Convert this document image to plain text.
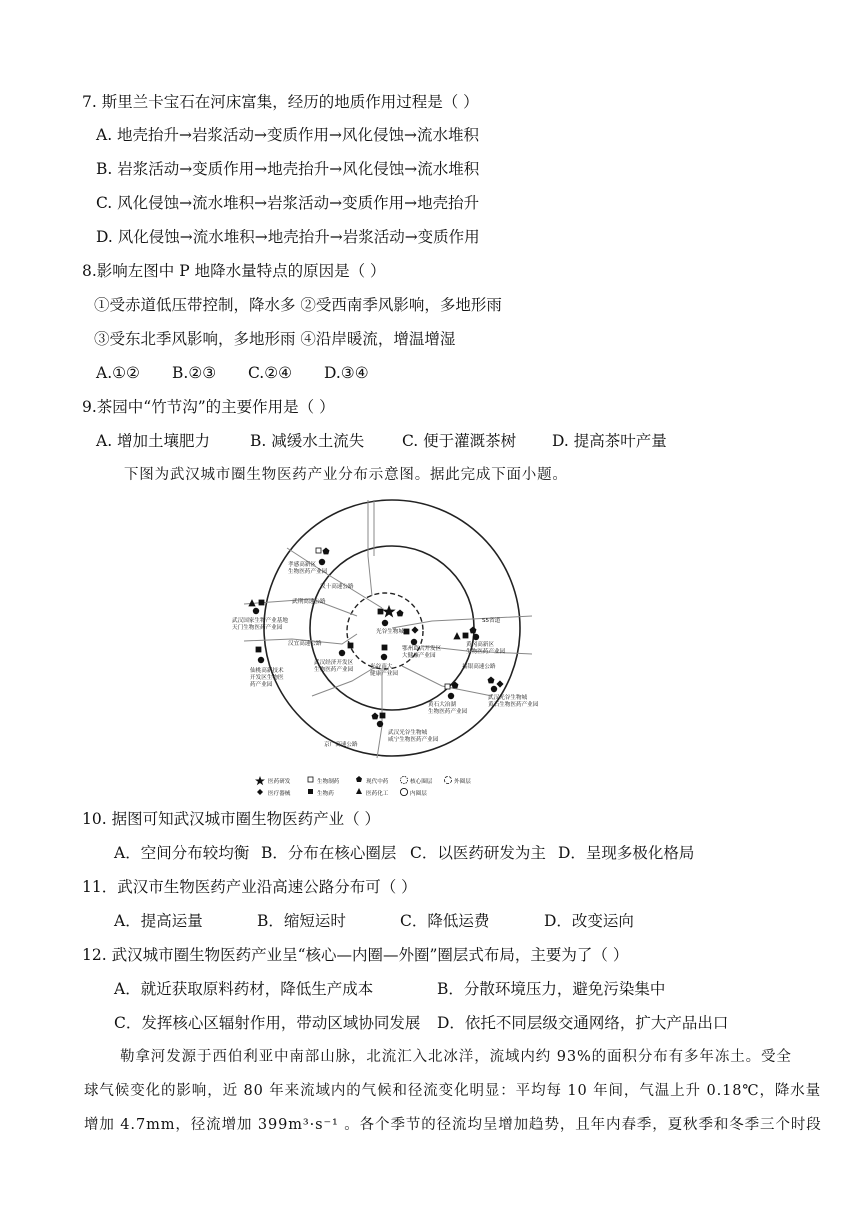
7. 斯里兰卡宝石在河床富集，经历的地质作用过程是（ ）
A. 地壳抬升→岩浆活动→变质作用→风化侵蚀→流水堆积
B. 岩浆活动→变质作用→地壳抬升→风化侵蚀→流水堆积
C. 风化侵蚀→流水堆积→岩浆活动→变质作用→地壳抬升
D. 风化侵蚀→流水堆积→地壳抬升→岩浆活动→变质作用
8.影响左图中 P 地降水量特点的原因是（ ）
①受赤道低压带控制，降水多 ②受西南季风影响，多地形雨
③受东北季风影响，多地形雨 ④沿岸暖流，增温增湿
A.①② B.②③ C.②④ D.③④
9.茶园中“竹节沟”的主要作用是（ ）
A. 增加土壤肥力	B. 减缓水土流失 C. 便于灌溉茶树 D. 提高茶叶产量
下图为武汉城市圈生物医药产业分布示意图。据此完成下面小题。
孝感高新区
生物医药产业园
汉十高速公路
武荆高速公路
武汉国家生物产业基地
天门生物医药产业园
汉宜高速公路
仙桃高新技术
开发区生物医
药产业园
武汉经济开发区
生物医药产业园
光谷生物城
鄂州葛店开发区
大健康产业园
光谷南大
健康产业园
S5省道
黄冈高新区
生物医药产业园
福银高速公路
武汉光谷生物城
黄石生物医药产业园
黄石大冶湖
生物医药产业园
武汉光谷生物城
咸宁生物医药产业园
京广高速公路
医药研发	生物制药	现代中药	核心圈层	外圈层
医疗器械	生物药	医药化工	内圈层
10. 据图可知武汉城市圈生物医药产业（ ）
A．空间分布较均衡 B．分布在核心圈层 C．以医药研发为主 D．呈现多极化格局
11．武汉市生物医药产业沿高速公路分布可（ ）
A．提高运量	B．缩短运时	C．降低运费	D．改变运向
12. 武汉城市圈生物医药产业呈“核心—内圈—外圈”圈层式布局，主要为了（ ）
A．就近获取原料药材，降低生产成本	B．分散环境压力，避免污染集中
C．发挥核心区辐射作用，带动区域协同发展 D．依托不同层级交通网络，扩大产品出口
勒拿河发源于西伯利亚中南部山脉，北流汇入北冰洋，流域内约 93%的面积分布有多年冻土。受全
球气候变化的影响，近 80 年来流域内的气候和径流变化明显：平均每 10 年间，气温上升 0.18℃，降水量
增加 4.7mm，径流增加 399m³·s⁻¹ 。各个季节的径流均呈增加趋势，且年内春季，夏秋季和冬季三个时段
